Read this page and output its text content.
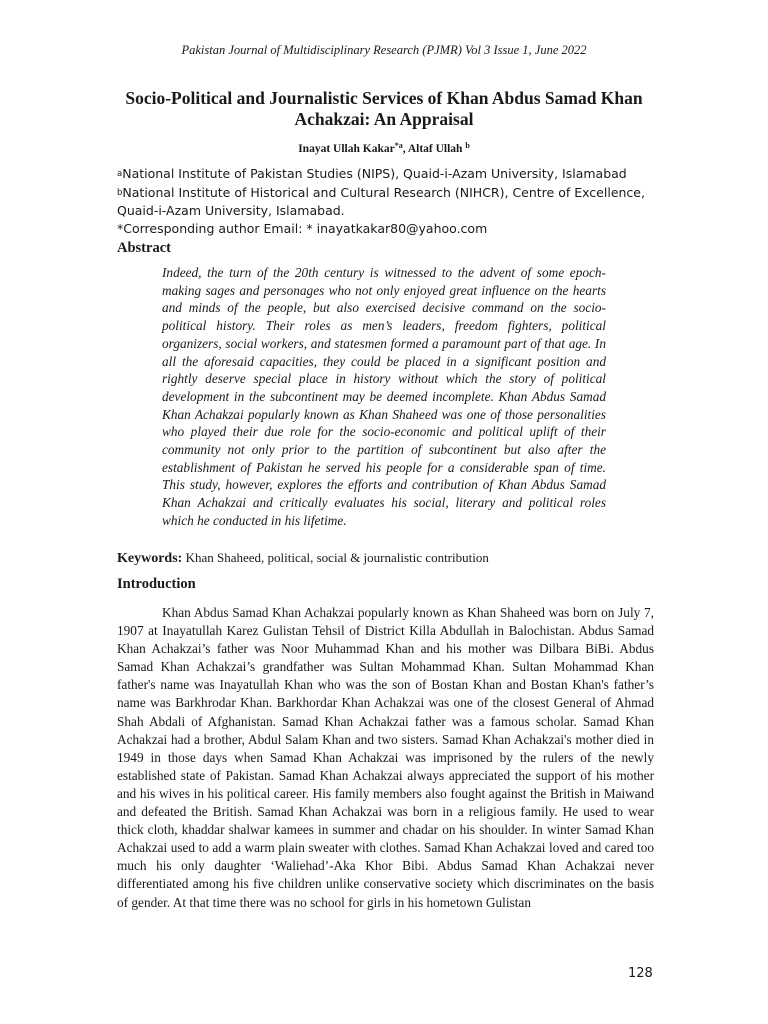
Pakistan Journal of Multidisciplinary Research (PJMR) Vol 3 Issue 1, June 2022
Socio-Political and Journalistic Services of Khan Abdus Samad Khan Achakzai: An Appraisal
Inayat Ullah Kakar$^{*a}$, Altaf Ullah $^b$
$^a$National Institute of Pakistan Studies (NIPS), Quaid-i-Azam University, Islamabad
$^b$National Institute of Historical and Cultural Research (NIHCR), Centre of Excellence, Quaid-i-Azam University, Islamabad.
*Corresponding author Email: * inayatkakar80@yahoo.com
Abstract
Indeed, the turn of the 20th century is witnessed to the advent of some epoch-making sages and personages who not only enjoyed great influence on the hearts and minds of the people, but also exercised decisive command on the socio-political history. Their roles as men’s leaders, freedom fighters, political organizers, social workers, and statesmen formed a paramount part of that age. In all the aforesaid capacities, they could be placed in a significant position and rightly deserve special place in history without which the story of political development in the subcontinent may be deemed incomplete. Khan Abdus Samad Khan Achakzai popularly known as Khan Shaheed was one of those personalities who played their due role for the socio-economic and political uplift of their community not only prior to the partition of subcontinent but also after the establishment of Pakistan he served his people for a considerable span of time. This study, however, explores the efforts and contribution of Khan Abdus Samad Khan Achakzai and critically evaluates his social, literary and political roles which he conducted in his lifetime.
Keywords: Khan Shaheed, political, social & journalistic contribution
Introduction

Khan Abdus Samad Khan Achakzai popularly known as Khan Shaheed was born on July 7, 1907 at Inayatullah Karez Gulistan Tehsil of District Killa Abdullah in Balochistan. Abdus Samad Khan Achakzai’s father was Noor Muhammad Khan and his mother was Dilbara BiBi. Abdus Samad Khan Achakzai’s grandfather was Sultan Mohammad Khan. Sultan Mohammad Khan father's name was Inayatullah Khan who was the son of Bostan Khan and Bostan Khan's father’s name was Barkhrodar Khan. Barkhordar Khan Achakzai was one of the closest General of Ahmad Shah Abdali of Afghanistan. Samad Khan Achakzai father was a famous scholar. Samad Khan Achakzai had a brother, Abdul Salam Khan and two sisters. Samad Khan Achakzai's mother died in 1949 in those days when Samad Khan Achakzai was imprisoned by the rulers of the newly established state of Pakistan. Samad Khan Achakzai always appreciated the support of his mother and his wives in his political career. His family members also fought against the British in Maiwand and defeated the British. Samad Khan Achakzai was born in a religious family. He used to wear thick cloth, khaddar shalwar kamees in summer and chadar on his shoulder. In winter Samad Khan Achakzai used to add a warm plain sweater with clothes. Samad Khan Achakzai loved and cared too much his only daughter ‘Waliehad’-Aka Khor Bibi. Abdus Samad Khan Achakzai never differentiated among his five children unlike conservative society which discriminates on the basis of gender. At that time there was no school for girls in his hometown Gulistan

128
